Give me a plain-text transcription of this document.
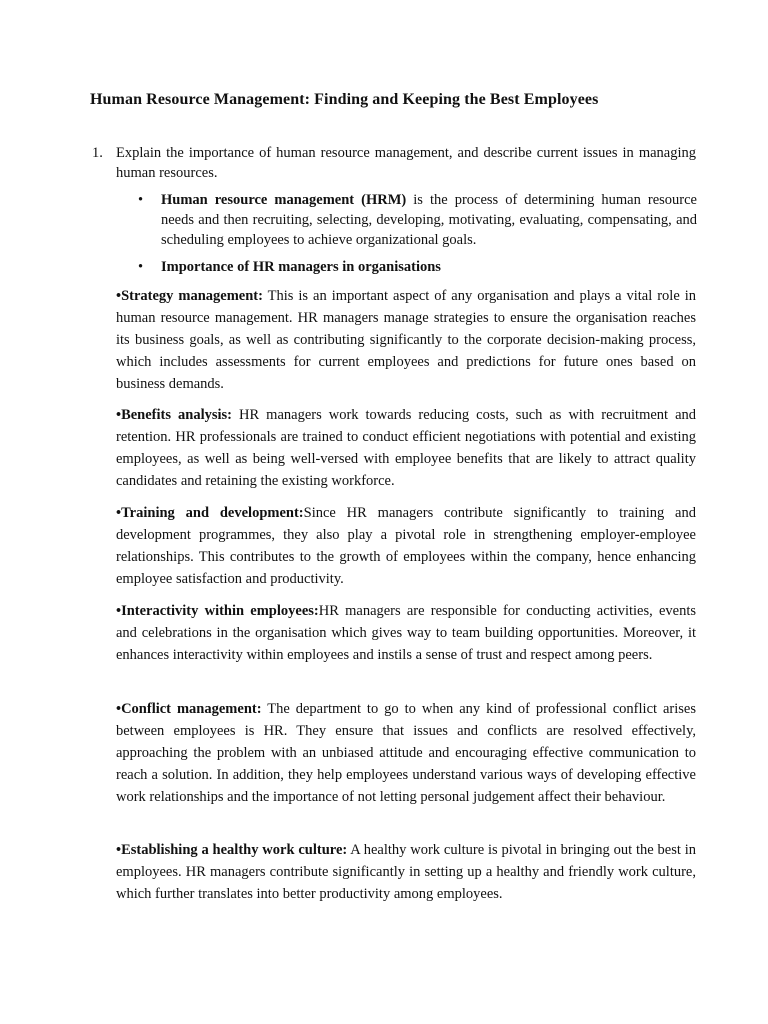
Human Resource Management: Finding and Keeping the Best Employees
1. Explain the importance of human resource management, and describe current issues in managing human resources.
• Human resource management (HRM) is the process of determining human resource needs and then recruiting, selecting, developing, motivating, evaluating, compensating, and scheduling employees to achieve organizational goals.
• Importance of HR managers in organisations
•Strategy management: This is an important aspect of any organisation and plays a vital role in human resource management. HR managers manage strategies to ensure the organisation reaches its business goals, as well as contributing significantly to the corporate decision-making process, which includes assessments for current employees and predictions for future ones based on business demands.
•Benefits analysis: HR managers work towards reducing costs, such as with recruitment and retention. HR professionals are trained to conduct efficient negotiations with potential and existing employees, as well as being well-versed with employee benefits that are likely to attract quality candidates and retaining the existing workforce.
•Training and development:Since HR managers contribute significantly to training and development programmes, they also play a pivotal role in strengthening employer-employee relationships. This contributes to the growth of employees within the company, hence enhancing employee satisfaction and productivity.
•Interactivity within employees:HR managers are responsible for conducting activities, events and celebrations in the organisation which gives way to team building opportunities. Moreover, it enhances interactivity within employees and instils a sense of trust and respect among peers.
•Conflict management: The department to go to when any kind of professional conflict arises between employees is HR. They ensure that issues and conflicts are resolved effectively, approaching the problem with an unbiased attitude and encouraging effective communication to reach a solution. In addition, they help employees understand various ways of developing effective work relationships and the importance of not letting personal judgement affect their behaviour.
•Establishing a healthy work culture: A healthy work culture is pivotal in bringing out the best in employees. HR managers contribute significantly in setting up a healthy and friendly work culture, which further translates into better productivity among employees.
